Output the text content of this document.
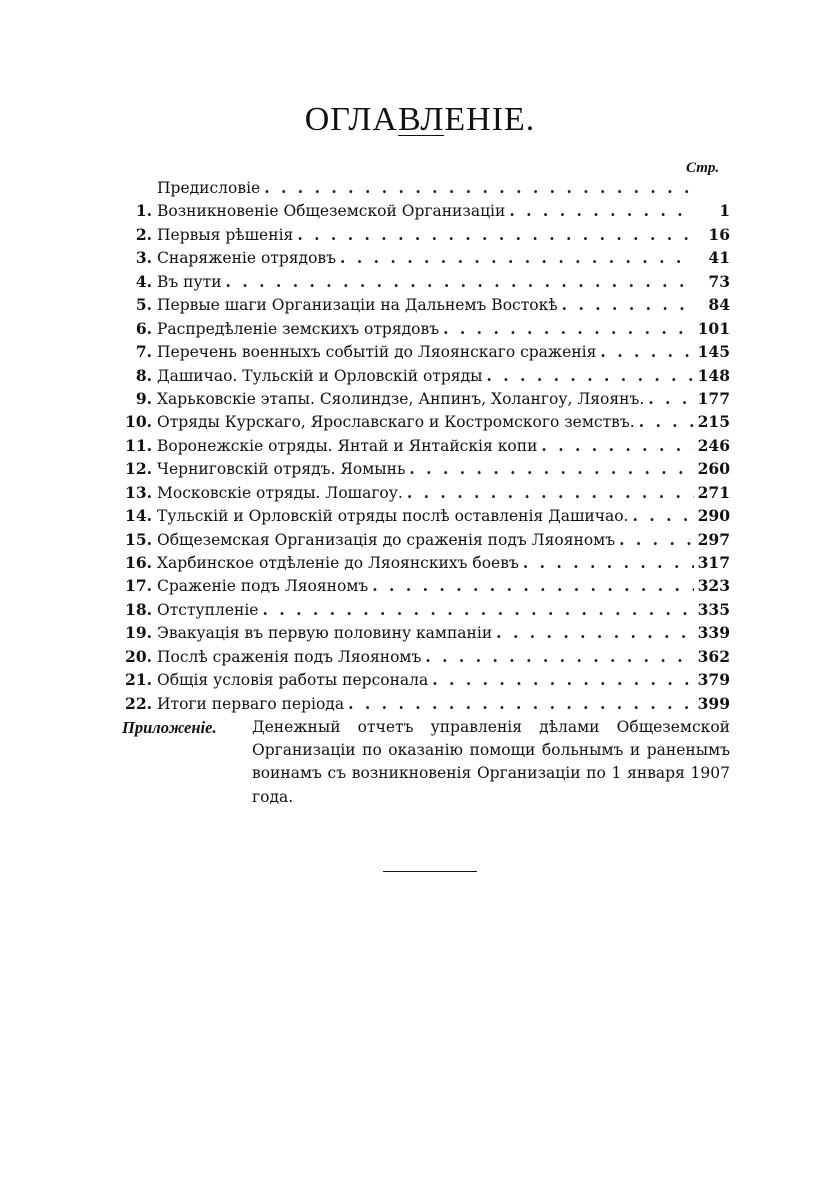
ОГЛАВЛЕНІЕ.
Стр.
Предисловіе
. . .
1. Возникновеніе Общеземской Организаціи . . .	1
2. Первыя рѣшенія . . .	16
3. Снаряженіе отрядовъ . . .	41
4. Въ пути . . .	73
5. Первые шаги Организаціи на Дальнемъ Востокѣ . . .	84
6. Распредѣленіе земскихъ отрядовъ . . .	101
7. Перечень военныхъ событій до Ляоянскаго сраженія . . .	145
8. Дашичао. Тульскій и Орловскій отряды . . .	148
9. Харьковскіе этапы. Сяолиндзе, Анпинъ, Холангоу, Ляоянъ. . . .	177
10. Отряды Курскаго, Ярославскаго и Костромского земствъ. . . .	215
11. Воронежскіе отряды. Янтай и Янтайскія копи . . .	246
12. Черниговскій отрядъ. Яомынь . . .	260
13. Московскіе отряды. Лошагоу. . . .	271
14. Тульскій и Орловскій отряды послѣ оставленія Дашичао. . . .	290
15. Общеземская Организація до сраженія подъ Ляояномъ . . .	297
16. Харбинское отдѣленіе до Ляоянскихъ боевъ . . .	317
17. Сраженіе подъ Ляояномъ . . .	323
18. Отступленіе . . .	335
19. Эвакуація въ первую половину кампаніи . . .	339
20. Послѣ сраженія подъ Ляояномъ . . .	362
21. Общія условія работы персонала . . .	379
22. Итоги перваго періода . . .	399
Приложеніе. Денежный отчетъ управленія дѣлами Общеземской Организаціи по оказанію помощи больнымъ и раненымъ воинамъ съ возникновенія Организаціи по 1 января 1907 года.
